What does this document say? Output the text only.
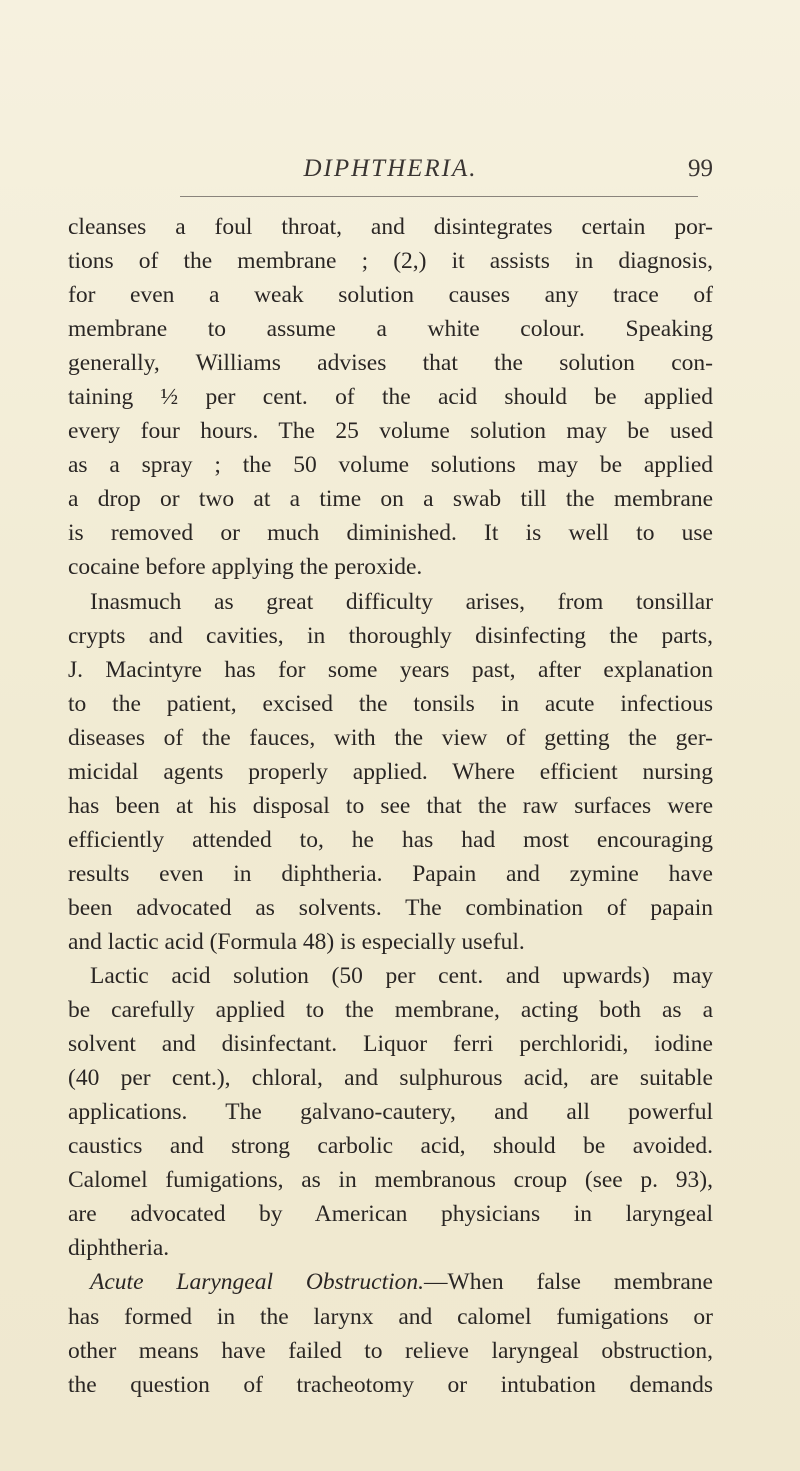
DIPHTHERIA.	99
cleanses a foul throat, and disintegrates certain por-
tions of the membrane ; (2,) it assists in diagnosis,
for even a weak solution causes any trace of
membrane to assume a white colour. Speaking
generally, Williams advises that the solution con-
taining ½ per cent. of the acid should be applied
every four hours. The 25 volume solution may be used
as a spray ; the 50 volume solutions may be applied
a drop or two at a time on a swab till the membrane
is removed or much diminished. It is well to use
cocaine before applying the peroxide.
Inasmuch as great difficulty arises, from tonsillar
crypts and cavities, in thoroughly disinfecting the parts,
J. Macintyre has for some years past, after explanation
to the patient, excised the tonsils in acute infectious
diseases of the fauces, with the view of getting the ger-
micidal agents properly applied. Where efficient nursing
has been at his disposal to see that the raw surfaces were
efficiently attended to, he has had most encouraging
results even in diphtheria. Papain and zymine have
been advocated as solvents. The combination of papain
and lactic acid (Formula 48) is especially useful.
Lactic acid solution (50 per cent. and upwards) may
be carefully applied to the membrane, acting both as a
solvent and disinfectant. Liquor ferri perchloridi, iodine
(40 per cent.), chloral, and sulphurous acid, are suitable
applications. The galvano-cautery, and all powerful
caustics and strong carbolic acid, should be avoided.
Calomel fumigations, as in membranous croup (see p. 93),
are advocated by American physicians in laryngeal
diphtheria.
Acute Laryngeal Obstruction.—When false membrane
has formed in the larynx and calomel fumigations or
other means have failed to relieve laryngeal obstruction,
the question of tracheotomy or intubation demands
